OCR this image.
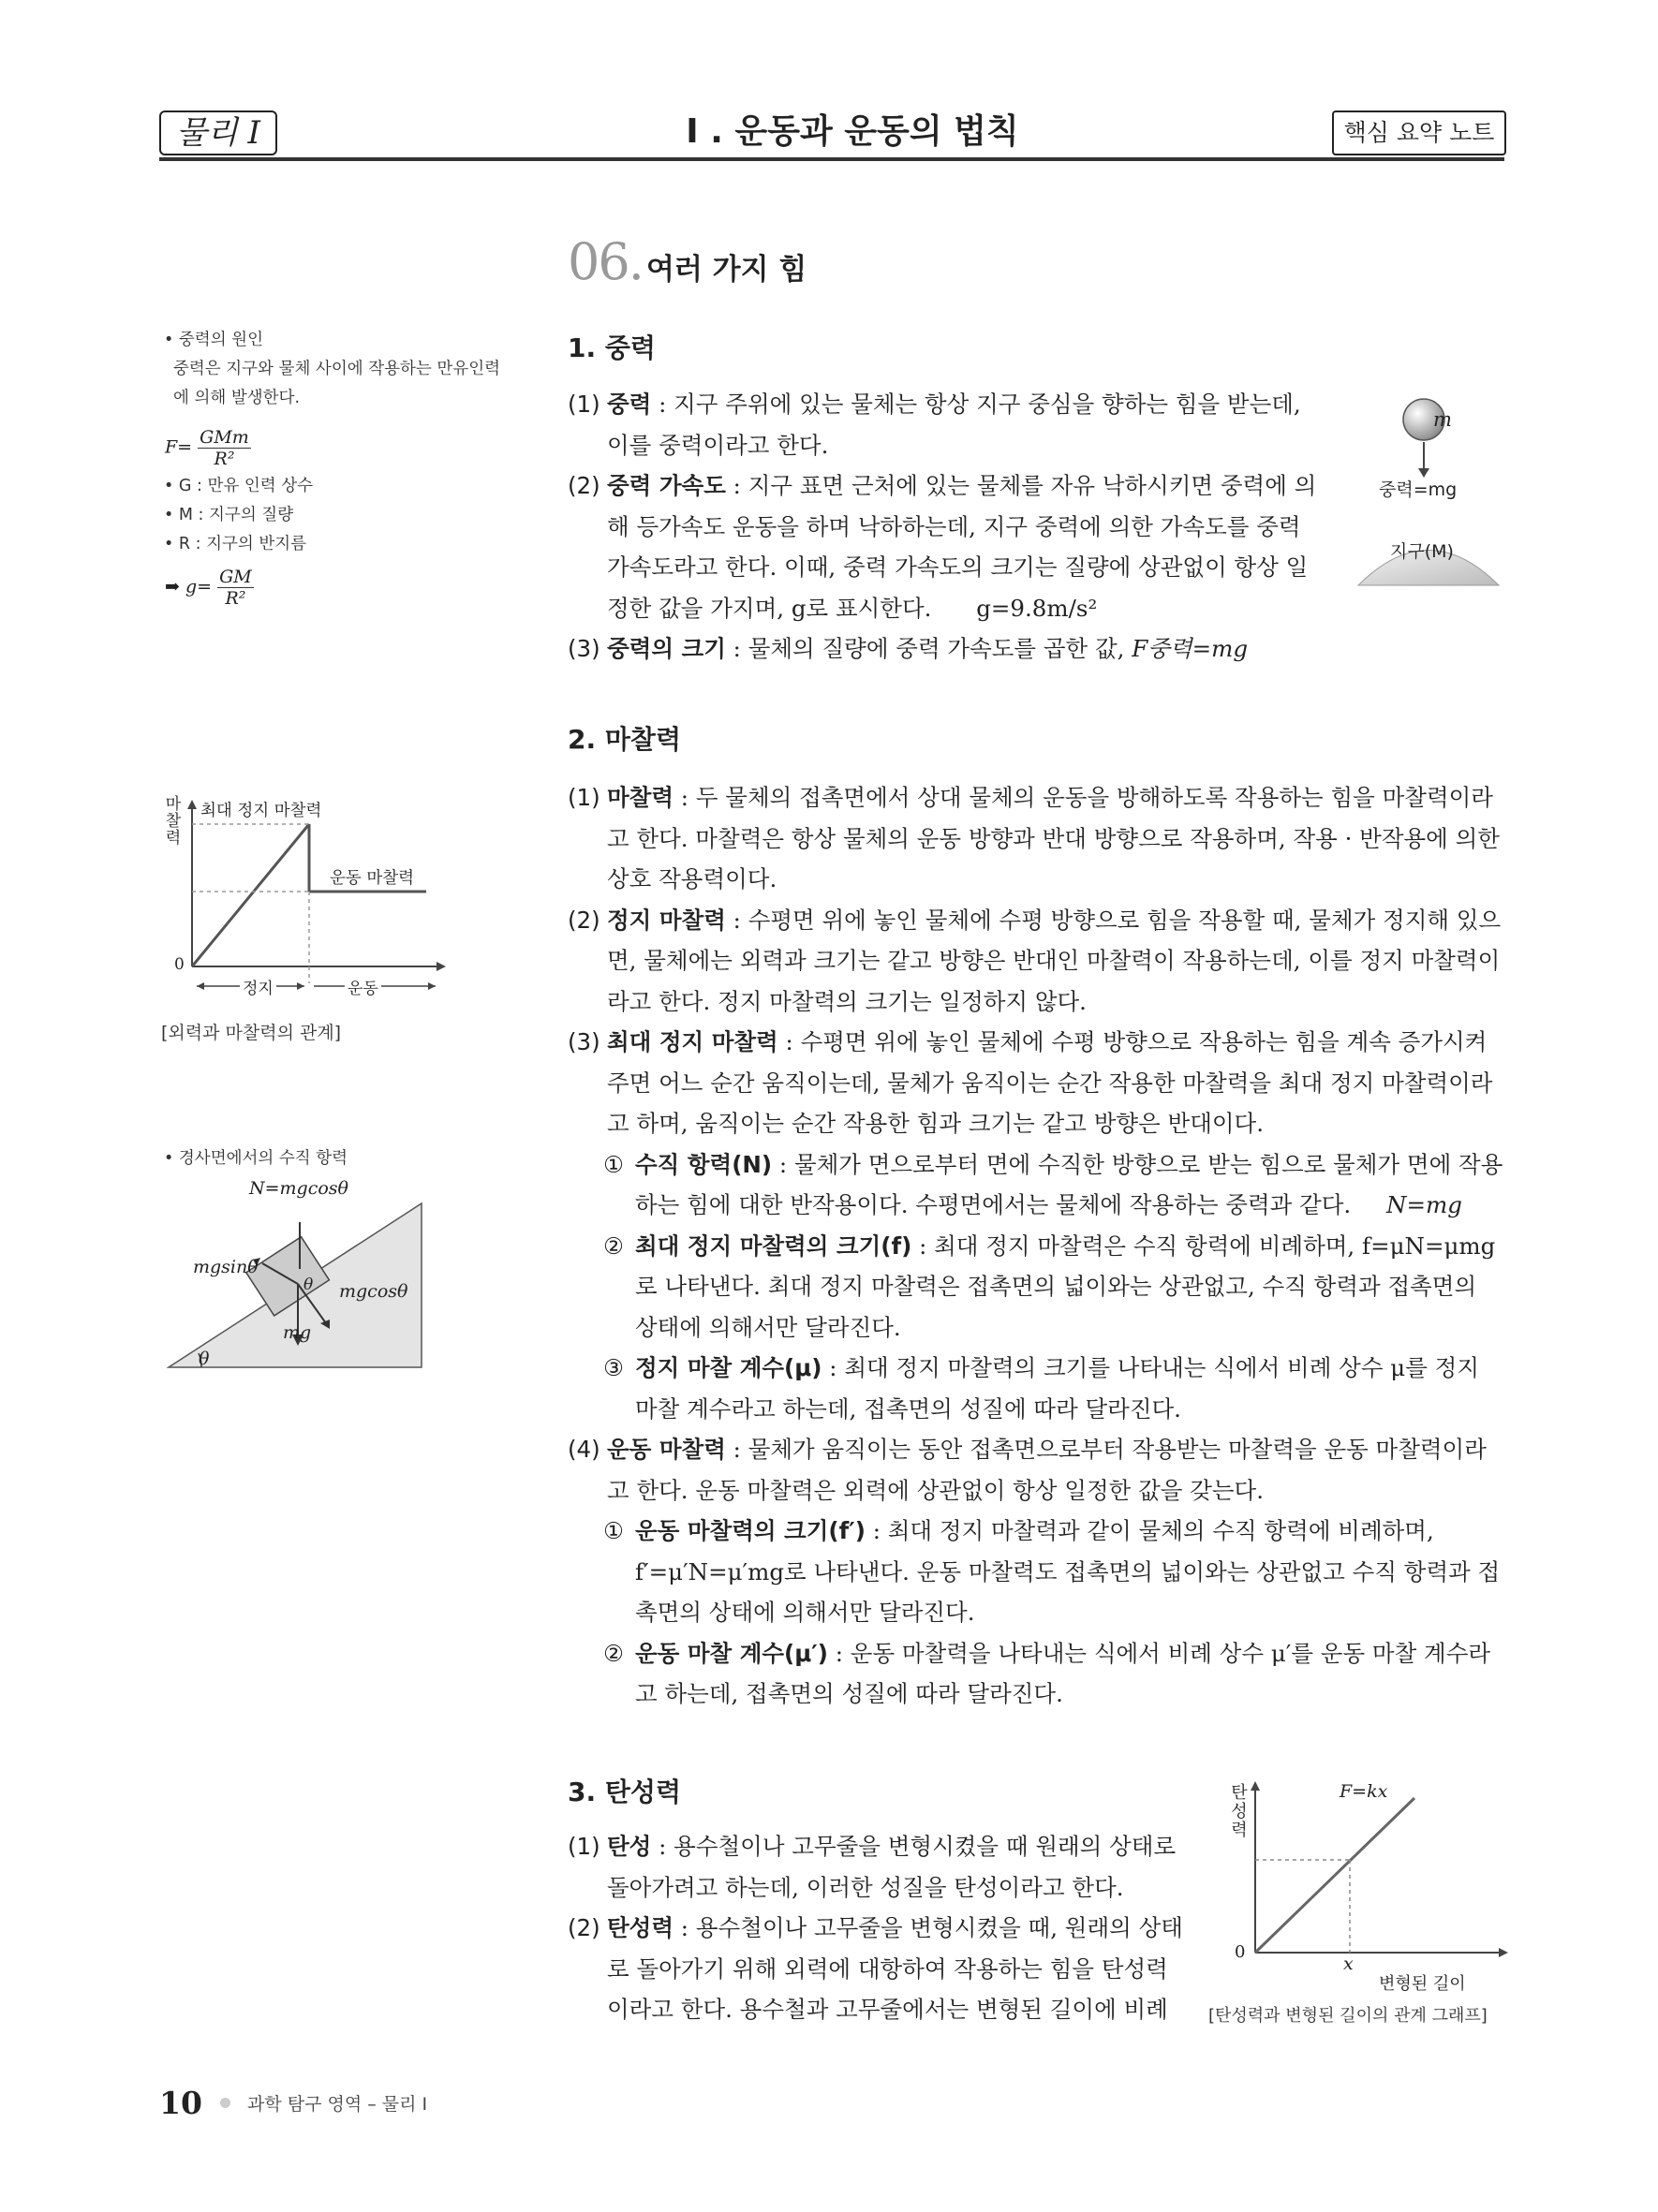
물리 I	I . 운동과 운동의 법칙	핵심 요약 노트
06. 여러 가지 힘
1. 중력
(1) 중력 : 지구 주위에 있는 물체는 항상 지구 중심을 향하는 힘을 받는데, 이를 중력이라고 한다.
(2) 중력 가속도 : 지구 표면 근처에 있는 물체를 자유 낙하시키면 중력에 의해 등가속도 운동을 하며 낙하하는데, 지구 중력에 의한 가속도를 중력 가속도라고 한다. 이때, 중력 가속도의 크기는 질량에 상관없이 항상 일정한 값을 가지며, g로 표시한다. g=9.8m/s²
(3) 중력의 크기 : 물체의 질량에 중력 가속도를 곱한 값, F중력=mg
m
중력=mg
지구(M)
2. 마찰력
(1) 마찰력 : 두 물체의 접촉면에서 상대 물체의 운동을 방해하도록 작용하는 힘을 마찰력이라고 한다. 마찰력은 항상 물체의 운동 방향과 반대 방향으로 작용하며, 작용 · 반작용에 의한 상호 작용력이다.
(2) 정지 마찰력 : 수평면 위에 놓인 물체에 수평 방향으로 힘을 작용할 때, 물체가 정지해 있으면, 물체에는 외력과 크기는 같고 방향은 반대인 마찰력이 작용하는데, 이를 정지 마찰력이라고 한다. 정지 마찰력의 크기는 일정하지 않다.
(3) 최대 정지 마찰력 : 수평면 위에 놓인 물체에 수평 방향으로 작용하는 힘을 계속 증가시켜 주면 어느 순간 움직이는데, 물체가 움직이는 순간 작용한 마찰력을 최대 정지 마찰력이라고 하며, 움직이는 순간 작용한 힘과 크기는 같고 방향은 반대이다.
① 수직 항력(N) : 물체가 면으로부터 면에 수직한 방향으로 받는 힘으로 물체가 면에 작용하는 힘에 대한 반작용이다. 수평면에서는 물체에 작용하는 중력과 같다. N=mg
② 최대 정지 마찰력의 크기(f) : 최대 정지 마찰력은 수직 항력에 비례하며, f=μN=μmg로 나타낸다. 최대 정지 마찰력은 접촉면의 넓이와는 상관없고, 수직 항력과 접촉면의 상태에 의해서만 달라진다.
③ 정지 마찰 계수(μ) : 최대 정지 마찰력의 크기를 나타내는 식에서 비례 상수 μ를 정지 마찰 계수라고 하는데, 접촉면의 성질에 따라 달라진다.
(4) 운동 마찰력 : 물체가 움직이는 동안 접촉면으로부터 작용받는 마찰력을 운동 마찰력이라고 한다. 운동 마찰력은 외력에 상관없이 항상 일정한 값을 갖는다.
① 운동 마찰력의 크기(f′) : 최대 정지 마찰력과 같이 물체의 수직 항력에 비례하며, f′=μ′N=μ′mg로 나타낸다. 운동 마찰력도 접촉면의 넓이와는 상관없고 수직 항력과 접촉면의 상태에 의해서만 달라진다.
② 운동 마찰 계수(μ′) : 운동 마찰력을 나타내는 식에서 비례 상수 μ′를 운동 마찰 계수라고 하는데, 접촉면의 성질에 따라 달라진다.
3. 탄성력
(1) 탄성 : 용수철이나 고무줄을 변형시켰을 때 원래의 상태로 돌아가려고 하는데, 이러한 성질을 탄성이라고 한다.
(2) 탄성력 : 용수철이나 고무줄을 변형시켰을 때, 원래의 상태로 돌아가기 위해 외력에 대항하여 작용하는 힘을 탄성력이라고 한다. 용수철과 고무줄에서는 변형된 길이에 비례
탄성력
F=kx
0
x
변형된 길이
[탄성력과 변형된 길이의 관계 그래프]
• 중력의 원인
중력은 지구와 물체 사이에 작용하는 만유인력에 의해 발생한다.
F= GMm
R²
• G : 만유 인력 상수
• M : 지구의 질량
• R : 지구의 반지름
➡ $g= \frac{GM}{\text{R²}}$
마찰력
최대 정지 마찰력
운동 마찰력
0
정지	운동
[외력과 마찰력의 관계]
• 경사면에서의 수직 항력
N=mgcosθ
mgsinθ
mgcosθ
mg
θ
θ
10	과학 탐구 영역 – 물리 I
